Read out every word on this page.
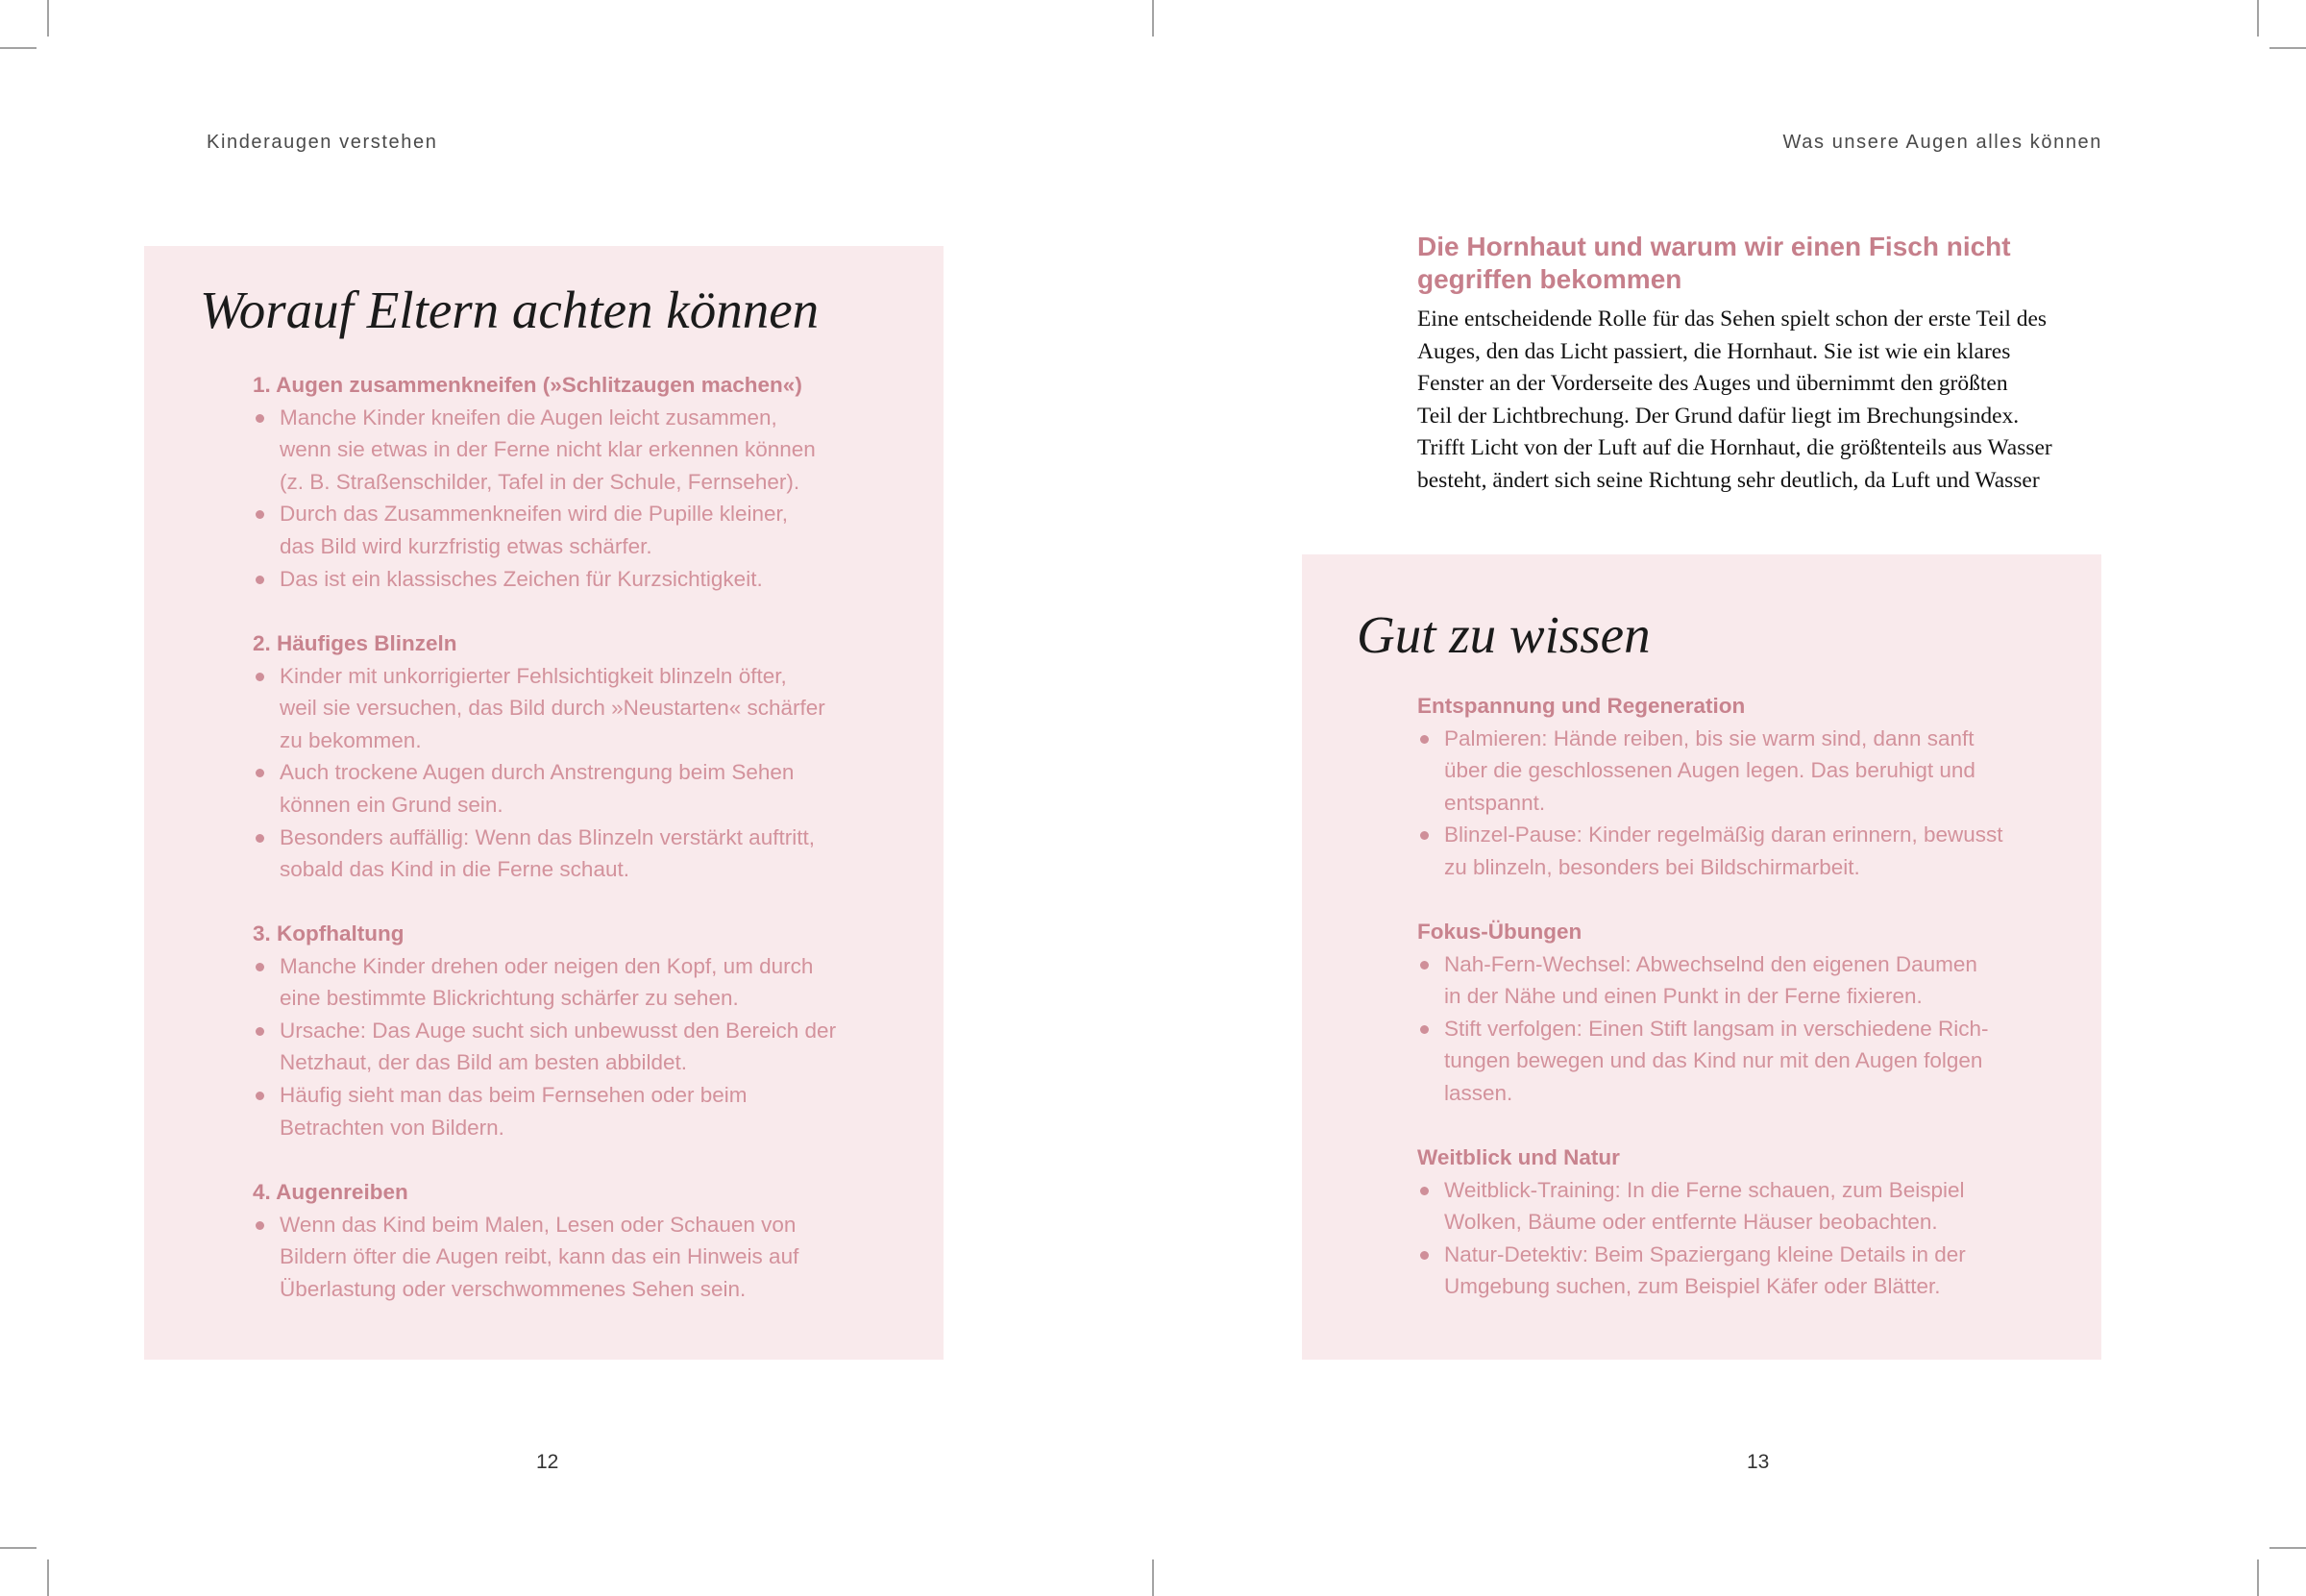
Kinderaugen verstehen
Worauf Eltern achten können
1. Augen zusammenkneifen (»Schlitzaugen machen«)
Manche Kinder kneifen die Augen leicht zusammen,
wenn sie etwas in der Ferne nicht klar erkennen können
(z. B. Straßenschilder, Tafel in der Schule, Fernseher).
Durch das Zusammenkneifen wird die Pupille kleiner,
das Bild wird kurzfristig etwas schärfer.
Das ist ein klassisches Zeichen für Kurzsichtigkeit.
2. Häufiges Blinzeln
Kinder mit unkorrigierter Fehlsichtigkeit blinzeln öfter,
weil sie versuchen, das Bild durch »Neustarten« schärfer
zu bekommen.
Auch trockene Augen durch Anstrengung beim Sehen
können ein Grund sein.
Besonders auffällig: Wenn das Blinzeln verstärkt auftritt,
sobald das Kind in die Ferne schaut.
3. Kopfhaltung
Manche Kinder drehen oder neigen den Kopf, um durch
eine bestimmte Blickrichtung schärfer zu sehen.
Ursache: Das Auge sucht sich unbewusst den Bereich der
Netzhaut, der das Bild am besten abbildet.
Häufig sieht man das beim Fernsehen oder beim
Betrachten von Bildern.
4. Augenreiben
Wenn das Kind beim Malen, Lesen oder Schauen von
Bildern öfter die Augen reibt, kann das ein Hinweis auf
Überlastung oder verschwommenes Sehen sein.
12
Was unsere Augen alles können
Die Hornhaut und warum wir einen Fisch nicht
gegriffen bekommen
Eine entscheidende Rolle für das Sehen spielt schon der erste Teil des
Auges, den das Licht passiert, die Hornhaut. Sie ist wie ein klares
Fenster an der Vorderseite des Auges und übernimmt den größten
Teil der Lichtbrechung. Der Grund dafür liegt im Brechungsindex.
Trifft Licht von der Luft auf die Hornhaut, die größtenteils aus Wasser
besteht, ändert sich seine Richtung sehr deutlich, da Luft und Wasser
Gut zu wissen
Entspannung und Regeneration
Palmieren: Hände reiben, bis sie warm sind, dann sanft
über die geschlossenen Augen legen. Das beruhigt und
entspannt.
Blinzel-Pause: Kinder regelmäßig daran erinnern, bewusst
zu blinzeln, besonders bei Bildschirmarbeit.
Fokus-Übungen
Nah-Fern-Wechsel: Abwechselnd den eigenen Daumen
in der Nähe und einen Punkt in der Ferne fixieren.
Stift verfolgen: Einen Stift langsam in verschiedene Rich-
tungen bewegen und das Kind nur mit den Augen folgen
lassen.
Weitblick und Natur
Weitblick-Training: In die Ferne schauen, zum Beispiel
Wolken, Bäume oder entfernte Häuser beobachten.
Natur-Detektiv: Beim Spaziergang kleine Details in der
Umgebung suchen, zum Beispiel Käfer oder Blätter.
13
